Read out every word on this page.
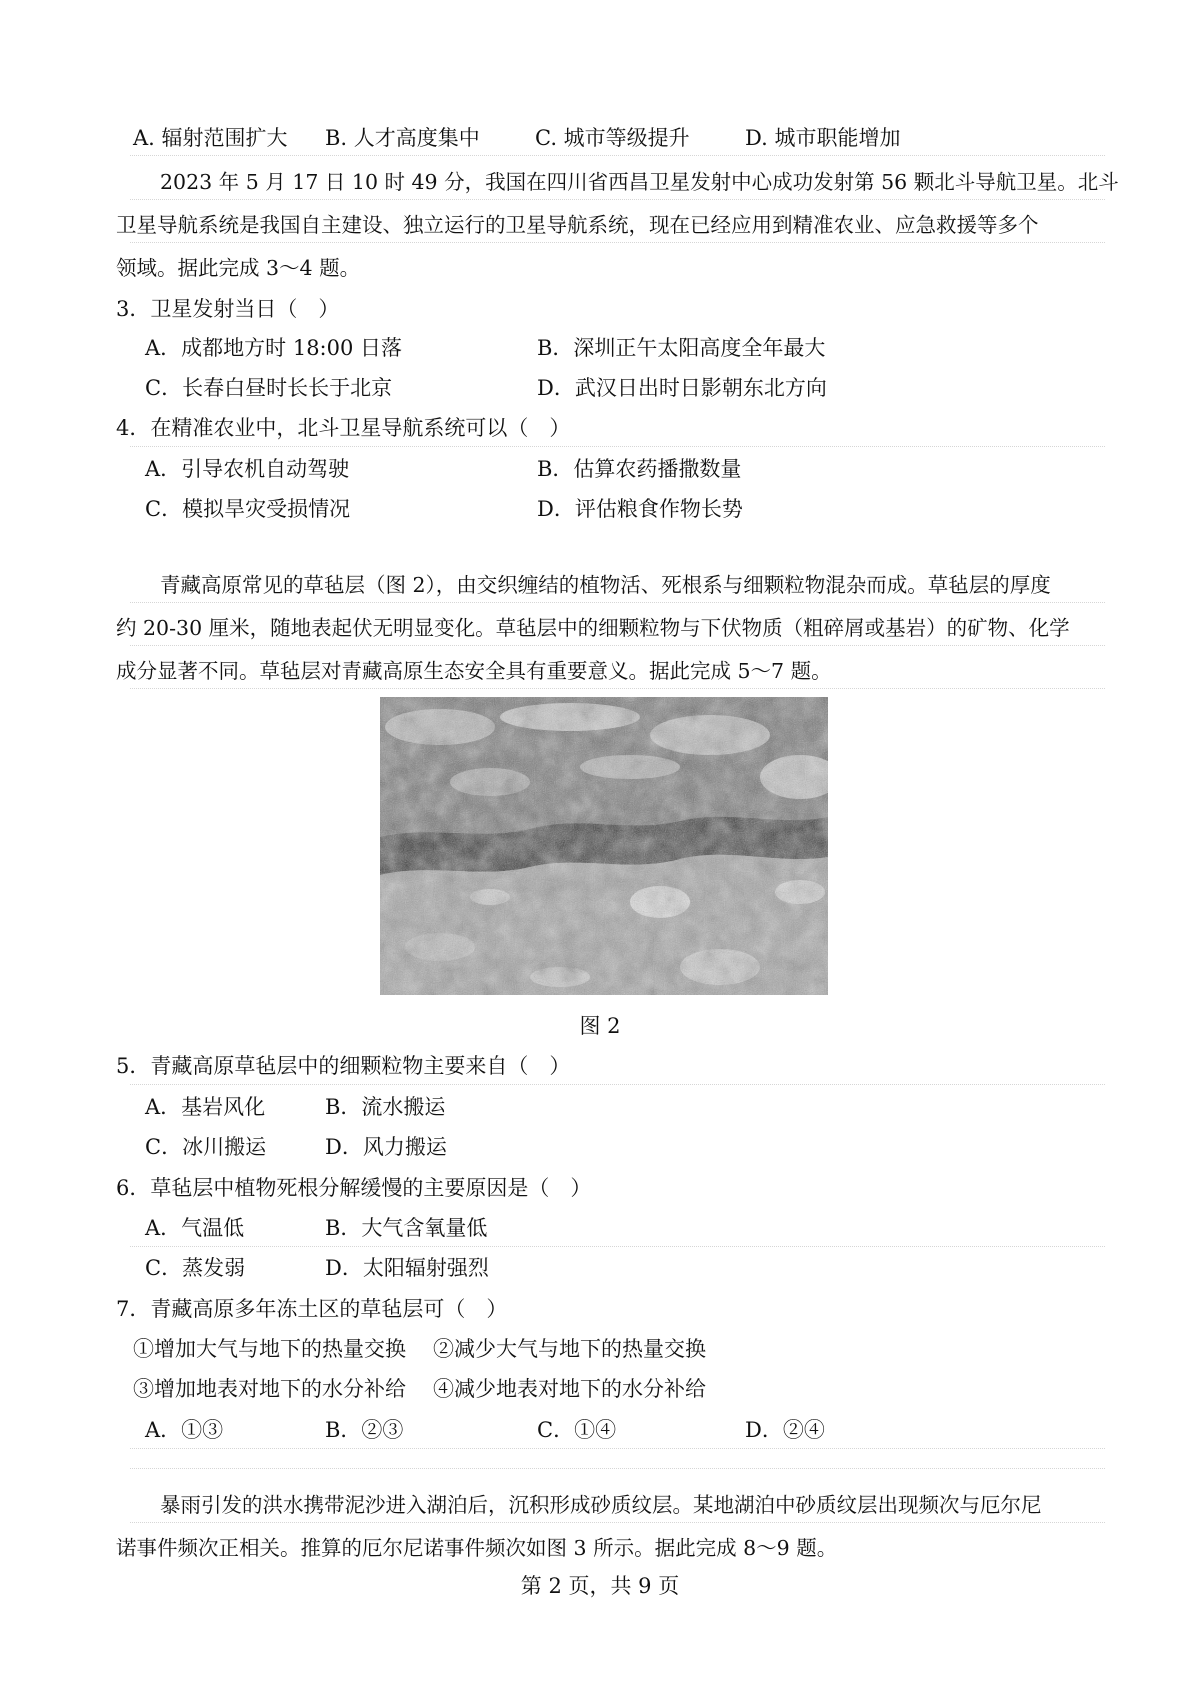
A. 辐射范围扩大 B. 人才高度集中	C. 城市等级提升	D. 城市职能增加
2023 年 5 月 17 日 10 时 49 分，我国在四川省西昌卫星发射中心成功发射第 56 颗北斗导航卫星。北斗
卫星导航系统是我国自主建设、独立运行的卫星导航系统，现在已经应用到精准农业、应急救援等多个
领域。据此完成 3～4 题。
3．卫星发射当日（　）
A．成都地方时 18:00 日落	B．深圳正午太阳高度全年最大
C．长春白昼时长长于北京	D．武汉日出时日影朝东北方向
4．在精准农业中，北斗卫星导航系统可以（　）
A．引导农机自动驾驶	B．估算农药播撒数量
C．模拟旱灾受损情况	D．评估粮食作物长势
青藏高原常见的草毡层（图 2），由交织缠结的植物活、死根系与细颗粒物混杂而成。草毡层的厚度
约 20-30 厘米，随地表起伏无明显变化。草毡层中的细颗粒物与下伏物质（粗碎屑或基岩）的矿物、化学
成分显著不同。草毡层对青藏高原生态安全具有重要意义。据此完成 5～7 题。
图 2
5．青藏高原草毡层中的细颗粒物主要来自（　）
A．基岩风化	B．流水搬运
C．冰川搬运	D．风力搬运
6．草毡层中植物死根分解缓慢的主要原因是（　）
A．气温低	B．大气含氧量低
C．蒸发弱	D．太阳辐射强烈
7．青藏高原多年冻土区的草毡层可（　）
①增加大气与地下的热量交换 ②减少大气与地下的热量交换
③增加地表对地下的水分补给 ④减少地表对地下的水分补给
A．①③	B．②③	C．①④	D．②④
暴雨引发的洪水携带泥沙进入湖泊后，沉积形成砂质纹层。某地湖泊中砂质纹层出现频次与厄尔尼
诺事件频次正相关。推算的厄尔尼诺事件频次如图 3 所示。据此完成 8～9 题。
第 2 页，共 9 页
